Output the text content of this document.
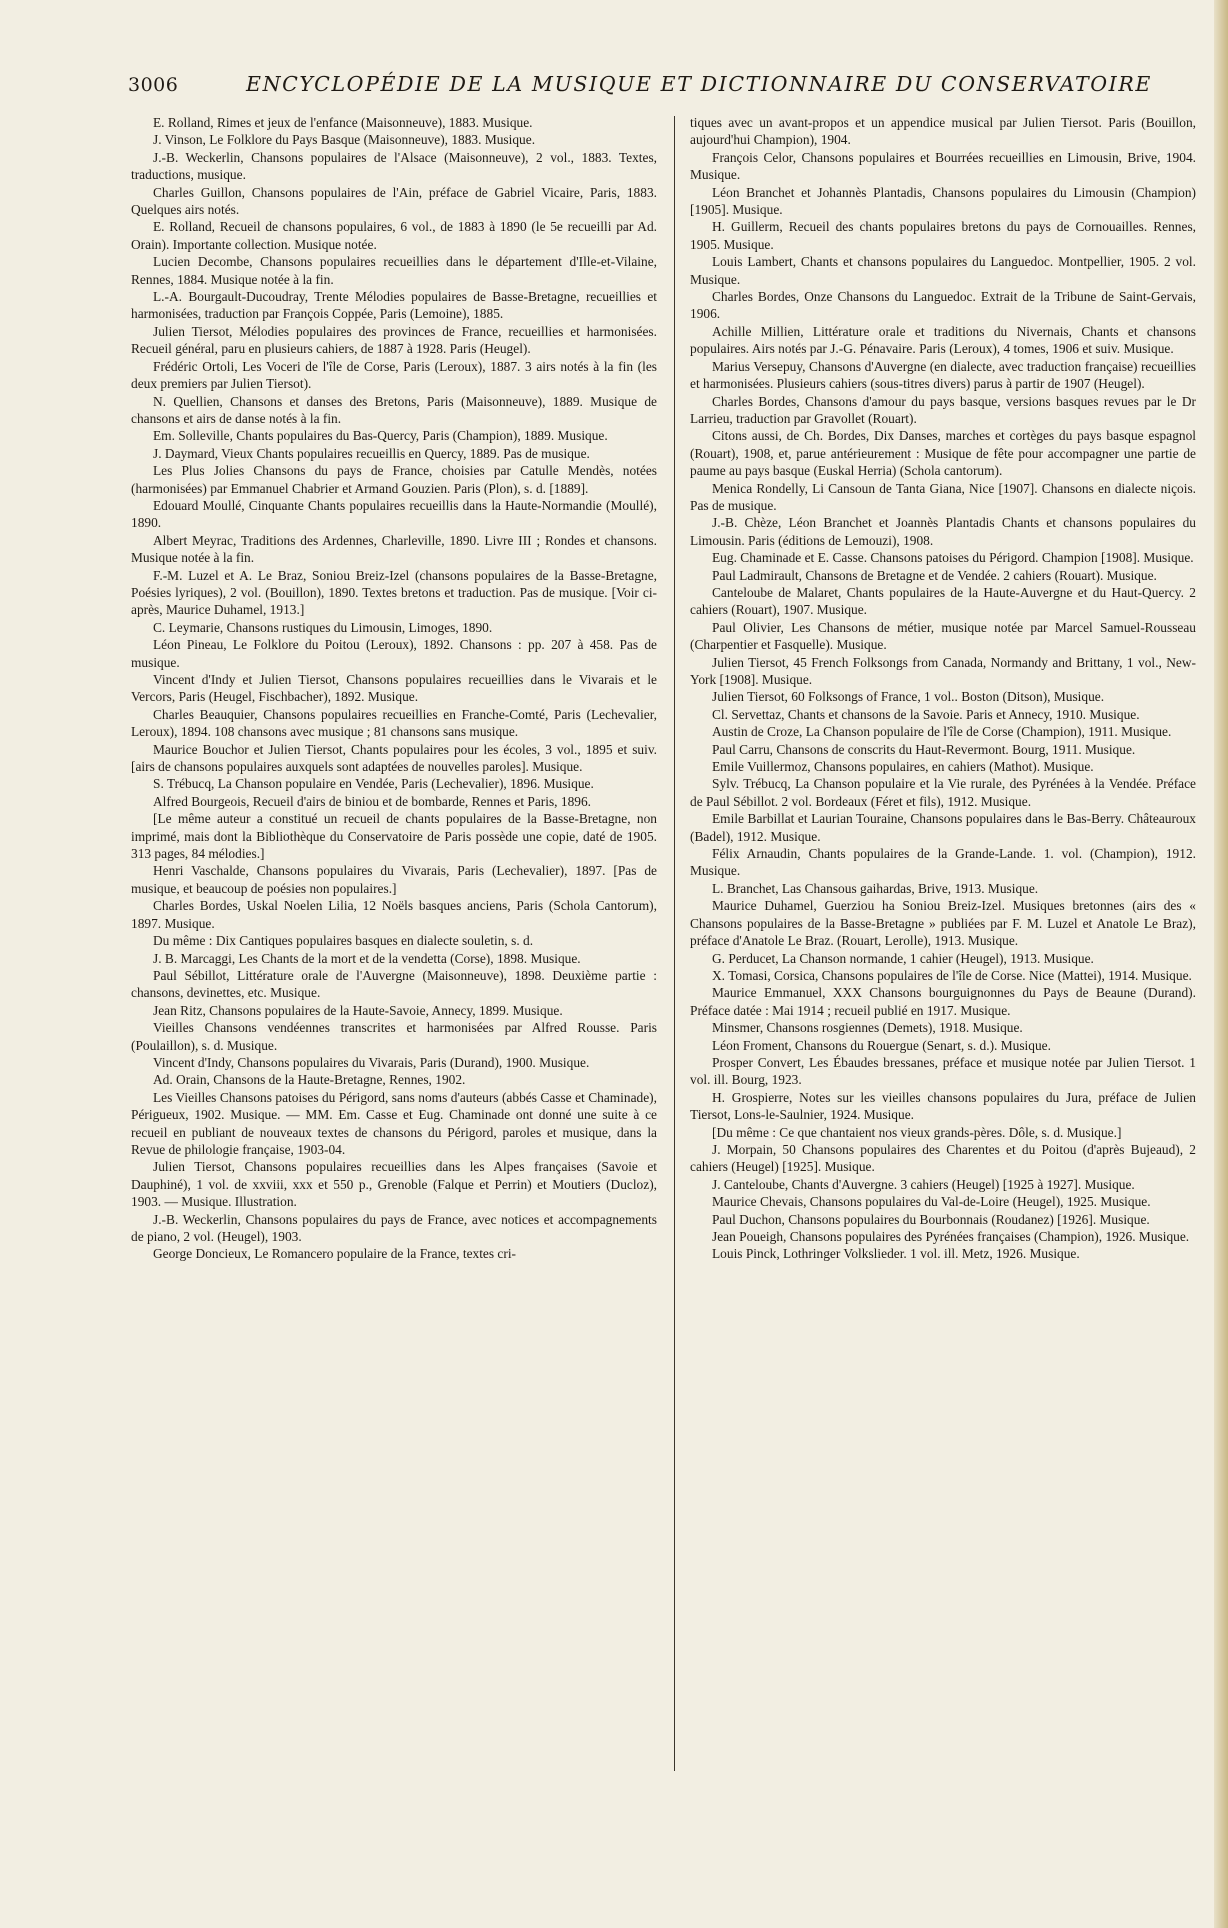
3006	ENCYCLOPÉDIE DE LA MUSIQUE ET DICTIONNAIRE DU CONSERVATOIRE

E. Rolland, Rimes et jeux de l'enfance (Maisonneuve), 1883. Musique.

J. Vinson, Le Folklore du Pays Basque (Maisonneuve), 1883. Musique.

J.-B. Weckerlin, Chansons populaires de l'Alsace (Maisonneuve), 2 vol., 1883. Textes, traductions, musique.

Charles Guillon, Chansons populaires de l'Ain, préface de Gabriel Vicaire, Paris, 1883. Quelques airs notés.

E. Rolland, Recueil de chansons populaires, 6 vol., de 1883 à 1890 (le 5e recueilli par Ad. Orain). Importante collection. Musique notée.

Lucien Decombe, Chansons populaires recueillies dans le département d'Ille-et-Vilaine, Rennes, 1884. Musique notée à la fin.

L.-A. Bourgault-Ducoudray, Trente Mélodies populaires de Basse-Bretagne, recueillies et harmonisées, traduction par François Coppée, Paris (Lemoine), 1885.

Julien Tiersot, Mélodies populaires des provinces de France, recueillies et harmonisées. Recueil général, paru en plusieurs cahiers, de 1887 à 1928. Paris (Heugel).

Frédéric Ortoli, Les Voceri de l'île de Corse, Paris (Leroux), 1887. 3 airs notés à la fin (les deux premiers par Julien Tiersot).

N. Quellien, Chansons et danses des Bretons, Paris (Maisonneuve), 1889. Musique de chansons et airs de danse notés à la fin.

Em. Solleville, Chants populaires du Bas-Quercy, Paris (Champion), 1889. Musique.

J. Daymard, Vieux Chants populaires recueillis en Quercy, 1889. Pas de musique.

Les Plus Jolies Chansons du pays de France, choisies par Catulle Mendès, notées (harmonisées) par Emmanuel Chabrier et Armand Gouzien. Paris (Plon), s. d. [1889].

Edouard Moullé, Cinquante Chants populaires recueillis dans la Haute-Normandie (Moullé), 1890.

Albert Meyrac, Traditions des Ardennes, Charleville, 1890. Livre III ; Rondes et chansons. Musique notée à la fin.

F.-M. Luzel et A. Le Braz, Soniou Breiz-Izel (chansons populaires de la Basse-Bretagne, Poésies lyriques), 2 vol. (Bouillon), 1890. Textes bretons et traduction. Pas de musique. [Voir ci-après, Maurice Duhamel, 1913.]

C. Leymarie, Chansons rustiques du Limousin, Limoges, 1890.

Léon Pineau, Le Folklore du Poitou (Leroux), 1892. Chansons : pp. 207 à 458. Pas de musique.

Vincent d'Indy et Julien Tiersot, Chansons populaires recueillies dans le Vivarais et le Vercors, Paris (Heugel, Fischbacher), 1892. Musique.

Charles Beauquier, Chansons populaires recueillies en Franche-Comté, Paris (Lechevalier, Leroux), 1894. 108 chansons avec musique ; 81 chansons sans musique.

Maurice Bouchor et Julien Tiersot, Chants populaires pour les écoles, 3 vol., 1895 et suiv. [airs de chansons populaires auxquels sont adaptées de nouvelles paroles]. Musique.

S. Trébucq, La Chanson populaire en Vendée, Paris (Lechevalier), 1896. Musique.

Alfred Bourgeois, Recueil d'airs de biniou et de bombarde, Rennes et Paris, 1896.

[Le même auteur a constitué un recueil de chants populaires de la Basse-Bretagne, non imprimé, mais dont la Bibliothèque du Conservatoire de Paris possède une copie, daté de 1905. 313 pages, 84 mélodies.]

Henri Vaschalde, Chansons populaires du Vivarais, Paris (Lechevalier), 1897. [Pas de musique, et beaucoup de poésies non populaires.]

Charles Bordes, Uskal Noelen Lilia, 12 Noëls basques anciens, Paris (Schola Cantorum), 1897. Musique.

Du même : Dix Cantiques populaires basques en dialecte souletin, s. d.

J. B. Marcaggi, Les Chants de la mort et de la vendetta (Corse), 1898. Musique.

Paul Sébillot, Littérature orale de l'Auvergne (Maisonneuve), 1898. Deuxième partie : chansons, devinettes, etc. Musique.

Jean Ritz, Chansons populaires de la Haute-Savoie, Annecy, 1899. Musique.

Vieilles Chansons vendéennes transcrites et harmonisées par Alfred Rousse. Paris (Poulaillon), s. d. Musique.

Vincent d'Indy, Chansons populaires du Vivarais, Paris (Durand), 1900. Musique.

Ad. Orain, Chansons de la Haute-Bretagne, Rennes, 1902.

Les Vieilles Chansons patoises du Périgord, sans noms d'auteurs (abbés Casse et Chaminade), Périgueux, 1902. Musique. — MM. Em. Casse et Eug. Chaminade ont donné une suite à ce recueil en publiant de nouveaux textes de chansons du Périgord, paroles et musique, dans la Revue de philologie française, 1903-04.

Julien Tiersot, Chansons populaires recueillies dans les Alpes françaises (Savoie et Dauphiné), 1 vol. de xxviii, xxx et 550 p., Grenoble (Falque et Perrin) et Moutiers (Ducloz), 1903. — Musique. Illustration.

J.-B. Weckerlin, Chansons populaires du pays de France, avec notices et accompagnements de piano, 2 vol. (Heugel), 1903.

George Doncieux, Le Romancero populaire de la France, textes cri-

tiques avec un avant-propos et un appendice musical par Julien Tiersot. Paris (Bouillon, aujourd'hui Champion), 1904.

François Celor, Chansons populaires et Bourrées recueillies en Limousin, Brive, 1904. Musique.

Léon Branchet et Johannès Plantadis, Chansons populaires du Limousin (Champion) [1905]. Musique.

H. Guillerm, Recueil des chants populaires bretons du pays de Cornouailles. Rennes, 1905. Musique.

Louis Lambert, Chants et chansons populaires du Languedoc. Montpellier, 1905. 2 vol. Musique.

Charles Bordes, Onze Chansons du Languedoc. Extrait de la Tribune de Saint-Gervais, 1906.

Achille Millien, Littérature orale et traditions du Nivernais, Chants et chansons populaires. Airs notés par J.-G. Pénavaire. Paris (Leroux), 4 tomes, 1906 et suiv. Musique.

Marius Versepuy, Chansons d'Auvergne (en dialecte, avec traduction française) recueillies et harmonisées. Plusieurs cahiers (sous-titres divers) parus à partir de 1907 (Heugel).

Charles Bordes, Chansons d'amour du pays basque, versions basques revues par le Dr Larrieu, traduction par Gravollet (Rouart).

Citons aussi, de Ch. Bordes, Dix Danses, marches et cortèges du pays basque espagnol (Rouart), 1908, et, parue antérieurement : Musique de fête pour accompagner une partie de paume au pays basque (Euskal Herria) (Schola cantorum).

Menica Rondelly, Li Cansoun de Tanta Giana, Nice [1907]. Chansons en dialecte niçois. Pas de musique.

J.-B. Chèze, Léon Branchet et Joannès Plantadis Chants et chansons populaires du Limousin. Paris (éditions de Lemouzi), 1908.

Eug. Chaminade et E. Casse. Chansons patoises du Périgord. Champion [1908]. Musique.

Paul Ladmirault, Chansons de Bretagne et de Vendée. 2 cahiers (Rouart). Musique.

Canteloube de Malaret, Chants populaires de la Haute-Auvergne et du Haut-Quercy. 2 cahiers (Rouart), 1907. Musique.

Paul Olivier, Les Chansons de métier, musique notée par Marcel Samuel-Rousseau (Charpentier et Fasquelle). Musique.

Julien Tiersot, 45 French Folksongs from Canada, Normandy and Brittany, 1 vol., New-York [1908]. Musique.

Julien Tiersot, 60 Folksongs of France, 1 vol.. Boston (Ditson), Musique.

Cl. Servettaz, Chants et chansons de la Savoie. Paris et Annecy, 1910. Musique.

Austin de Croze, La Chanson populaire de l'île de Corse (Champion), 1911. Musique.

Paul Carru, Chansons de conscrits du Haut-Revermont. Bourg, 1911. Musique.

Emile Vuillermoz, Chansons populaires, en cahiers (Mathot). Musique.

Sylv. Trébucq, La Chanson populaire et la Vie rurale, des Pyrénées à la Vendée. Préface de Paul Sébillot. 2 vol. Bordeaux (Féret et fils), 1912. Musique.

Emile Barbillat et Laurian Touraine, Chansons populaires dans le Bas-Berry. Châteauroux (Badel), 1912. Musique.

Félix Arnaudin, Chants populaires de la Grande-Lande. 1. vol. (Champion), 1912. Musique.

L. Branchet, Las Chansous gaihardas, Brive, 1913. Musique.

Maurice Duhamel, Guerziou ha Soniou Breiz-Izel. Musiques bretonnes (airs des « Chansons populaires de la Basse-Bretagne » publiées par F. M. Luzel et Anatole Le Braz), préface d'Anatole Le Braz. (Rouart, Lerolle), 1913. Musique.

G. Perducet, La Chanson normande, 1 cahier (Heugel), 1913. Musique.

X. Tomasi, Corsica, Chansons populaires de l'île de Corse. Nice (Mattei), 1914. Musique.

Maurice Emmanuel, XXX Chansons bourguignonnes du Pays de Beaune (Durand). Préface datée : Mai 1914 ; recueil publié en 1917. Musique.

Minsmer, Chansons rosgiennes (Demets), 1918. Musique.

Léon Froment, Chansons du Rouergue (Senart, s. d.). Musique.

Prosper Convert, Les Ébaudes bressanes, préface et musique notée par Julien Tiersot. 1 vol. ill. Bourg, 1923.

H. Grospierre, Notes sur les vieilles chansons populaires du Jura, préface de Julien Tiersot, Lons-le-Saulnier, 1924. Musique.

[Du même : Ce que chantaient nos vieux grands-pères. Dôle, s. d. Musique.]

J. Morpain, 50 Chansons populaires des Charentes et du Poitou (d'après Bujeaud), 2 cahiers (Heugel) [1925]. Musique.

J. Canteloube, Chants d'Auvergne. 3 cahiers (Heugel) [1925 à 1927]. Musique.

Maurice Chevais, Chansons populaires du Val-de-Loire (Heugel), 1925. Musique.

Paul Duchon, Chansons populaires du Bourbonnais (Roudanez) [1926]. Musique.

Jean Poueigh, Chansons populaires des Pyrénées françaises (Champion), 1926. Musique.

Louis Pinck, Lothringer Volkslieder. 1 vol. ill. Metz, 1926. Musique.
